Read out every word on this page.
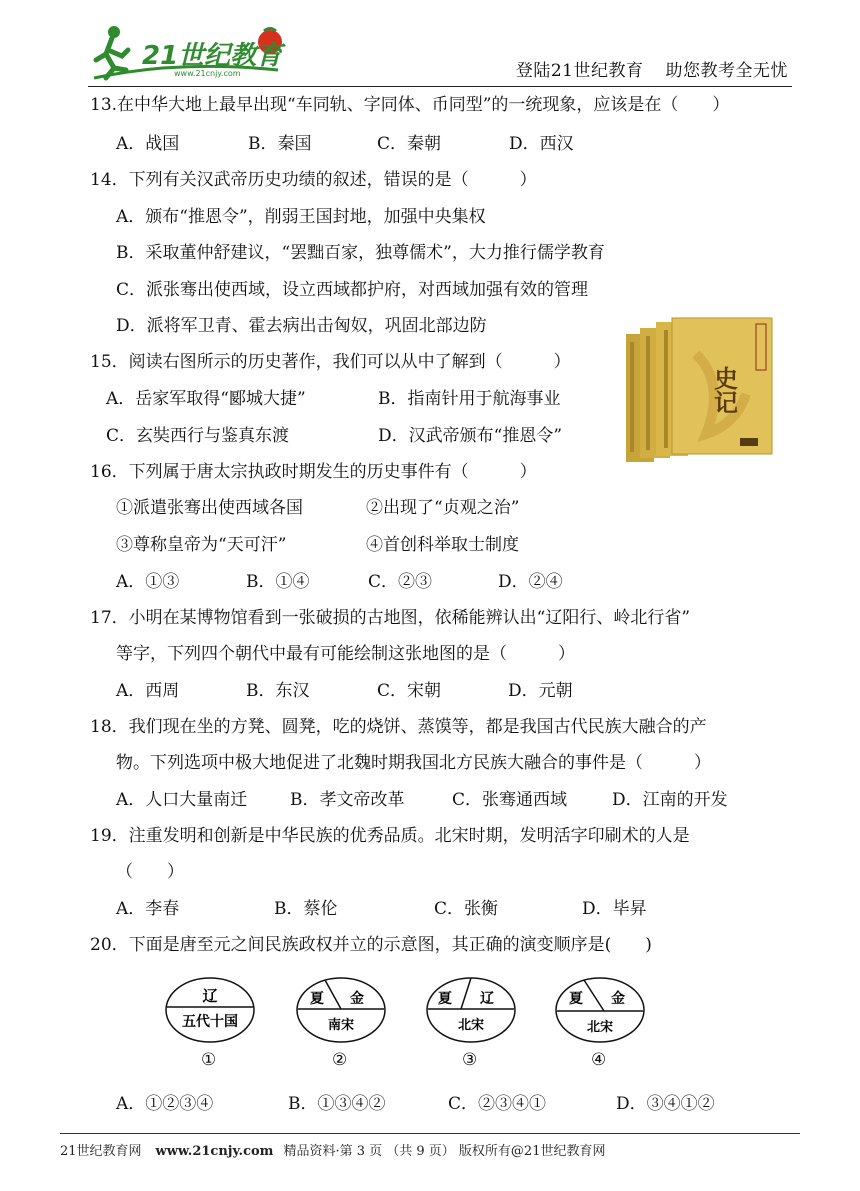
21世纪教育
www.21cnjy.com	登陆21世纪教育 助您教考全无忧
13.在中华大地上最早出现“车同轨、字同体、币同型”的一统现象，应该是在（　　）
A．战国	B．秦国	C．秦朝	D．西汉
14．下列有关汉武帝历史功绩的叙述，错误的是（　　　）
A．颁布“推恩令”，削弱王国封地，加强中央集权
B．采取董仲舒建议，“罢黜百家，独尊儒术”，大力推行儒学教育
C．派张骞出使西域，设立西域都护府，对西域加强有效的管理
D．派将军卫青、霍去病出击匈奴，巩固北部边防
15．阅读右图所示的历史著作，我们可以从中了解到（　　　）
A．岳家军取得“郾城大捷”	B．指南针用于航海事业
C．玄奘西行与鉴真东渡	D．汉武帝颁布“推恩令”
史记
16．下列属于唐太宗执政时期发生的历史事件有（　　　）
①派遣张骞出使西域各国	②出现了“贞观之治”
③尊称皇帝为“天可汗”	④首创科举取士制度
A．①③	B．①④	C．②③	D．②④
17．小明在某博物馆看到一张破损的古地图，依稀能辨认出“辽阳行、岭北行省”
等字，下列四个朝代中最有可能绘制这张地图的是（　　　）
A．西周	B．东汉	C．宋朝	D．元朝
18．我们现在坐的方凳、圆凳，吃的烧饼、蒸馍等，都是我国古代民族大融合的产
物。下列选项中极大地促进了北魏时期我国北方民族大融合的事件是（　　　）
A．人口大量南迁	B．孝文帝改革	C．张骞通西域	D．江南的开发
19．注重发明和创新是中华民族的优秀品质。北宋时期，发明活字印刷术的人是
（　　）
A．李春	B．蔡伦	C．张衡	D．毕昇
20．下面是唐至元之间民族政权并立的示意图，其正确的演变顺序是(　　)
辽
五代十国
①
夏 金
南宋
②
夏 辽
北宋
③
夏 金
北宋
④
A．①②③④	B．①③④②	C．②③④①	D．③④①②
21世纪教育网 www.21cnjy.com 精品资料·第 3 页 （共 9 页） 版权所有@21世纪教育网
